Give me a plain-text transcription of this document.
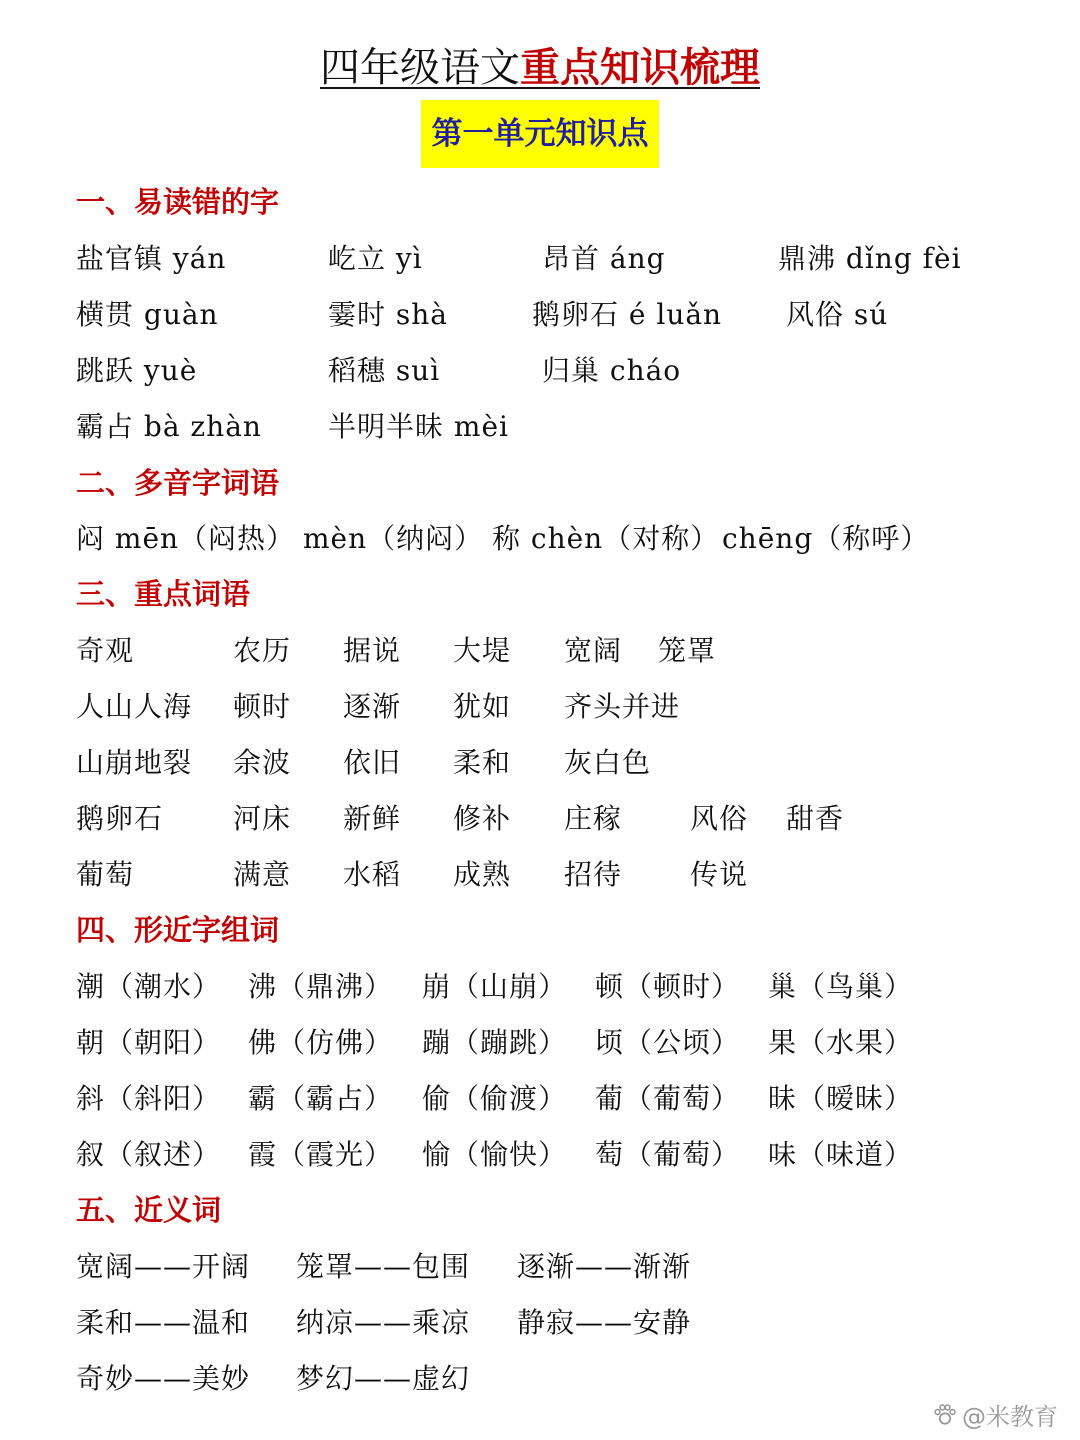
四年级语文重点知识梳理
第一单元知识点
一、易读错的字
盐官镇 yán	屹立 yì	昂首 áng	鼎沸 dǐng fèi
横贯 guàn	霎时 shà	鹅卵石 é luǎn 风俗 sú
跳跃 yuè	稻穗 suì	归巢 cháo
霸占 bà zhàn 半明半昧 mèi
二、多音字词语
闷 mēn（闷热） mèn（纳闷） 称 chèn（对称） chēng（称呼）
三、重点词语
奇观	农历 据说 大堤 宽阔 笼罩
人山人海 顿时 逐渐 犹如 齐头并进
山崩地裂 余波 依旧 柔和 灰白色
鹅卵石 河床 新鲜 修补 庄稼 风俗 甜香
葡萄	满意 水稻 成熟 招待 传说
四、形近字组词
潮（潮水） 沸（鼎沸） 崩（山崩） 顿（顿时） 巢（鸟巢）
朝（朝阳） 佛（仿佛） 蹦（蹦跳） 顷（公顷） 果（水果）
斜（斜阳） 霸（霸占） 偷（偷渡） 葡（葡萄） 昧（暧昧）
叙（叙述） 霞（霞光） 愉（愉快） 萄（葡萄） 味（味道）
五、近义词
宽阔——开阔 笼罩——包围 逐渐——渐渐
柔和——温和 纳凉——乘凉 静寂——安静
奇妙——美妙 梦幻——虚幻
@米教育
